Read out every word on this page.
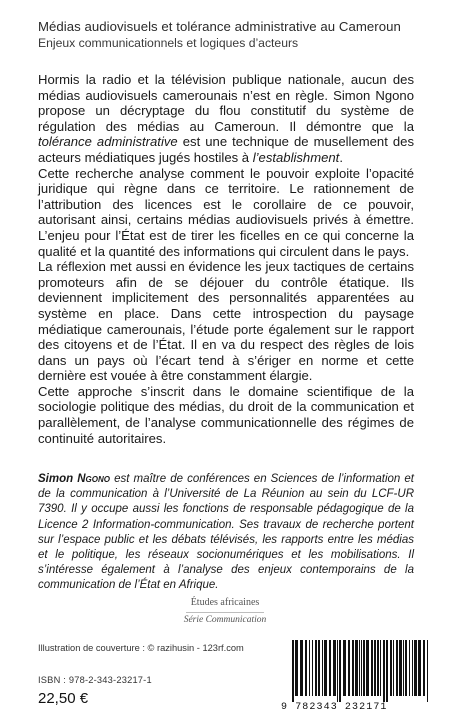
Médias audiovisuels et tolérance administrative au Cameroun
Enjeux communicationnels et logiques d’acteurs

Hormis la radio et la télévision publique nationale, aucun des médias audiovisuels camerounais n’est en règle. Simon Ngono propose un décryptage du flou constitutif du système de régulation des médias au Cameroun. Il démontre que la tolérance administrative est une technique de musellement des acteurs médiatiques jugés hostiles à l’establishment.

Cette recherche analyse comment le pouvoir exploite l’opacité juridique qui règne dans ce territoire. Le rationnement de l’attribution des licences est le corollaire de ce pouvoir, autorisant ainsi, certains médias audiovisuels privés à émettre. L’enjeu pour l’État est de tirer les ficelles en ce qui concerne la qualité et la quantité des informations qui circulent dans le pays.

La réflexion met aussi en évidence les jeux tactiques de certains promoteurs afin de se déjouer du contrôle étatique. Ils deviennent implicitement des personnalités apparentées au système en place. Dans cette introspection du paysage médiatique camerounais, l’étude porte également sur le rapport des citoyens et de l’État. Il en va du respect des règles de lois dans un pays où l’écart tend à s’ériger en norme et cette dernière est vouée à être constamment élargie.

Cette approche s’inscrit dans le domaine scientifique de la sociologie politique des médias, du droit de la communication et parallèlement, de l’analyse communicationnelle des régimes de continuité autoritaires.

Simon Ngono est maître de conférences en Sciences de l’information et de la communication à l’Université de La Réunion au sein du LCF-UR 7390. Il y occupe aussi les fonctions de responsable pédagogique de la Licence 2 Information-communication. Ses travaux de recherche portent sur l’espace public et les débats télévisés, les rapports entre les médias et le politique, les réseaux socionumériques et les mobilisations. Il s’intéresse également à l’analyse des enjeux contemporains de la communication de l’État en Afrique.
Études africaines
Série Communication
Illustration de couverture : © razihusin - 123rf.com
ISBN : 978-2-343-23217-1
22,50 €
9 782343 232171
